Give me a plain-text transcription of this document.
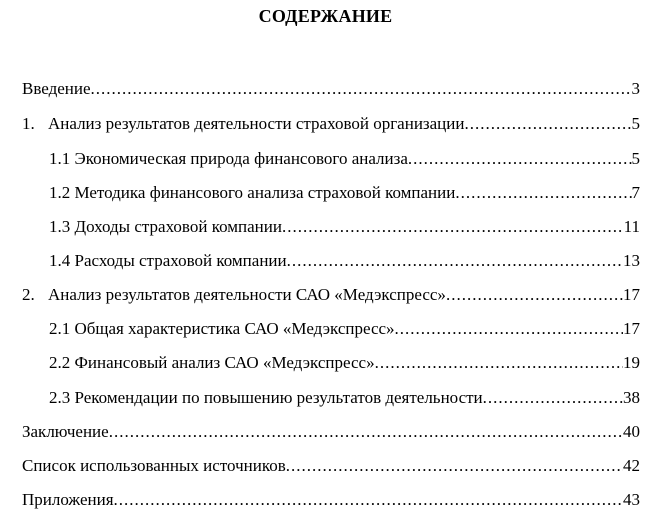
СОДЕРЖАНИЕ
Введение	3
.....
1. Анализ результатов деятельности страховой организации	5
.....
1.1 Экономическая природа финансового анализа	5
.....
1.2 Методика финансового анализа страховой компании	7
.....
1.3 Доходы страховой компании	11
.....
1.4 Расходы страховой компании	13
.....
2. Анализ результатов деятельности САО «Медэкспресс»	17
.....
2.1 Общая характеристика САО «Медэкспресс»	17
.....
2.2 Финансовый анализ САО «Медэкспресс»	19
.....
2.3 Рекомендации по повышению результатов деятельности	38
.....
Заключение	40
.....
Список использованных источников	42
.....
Приложения	43
.....
